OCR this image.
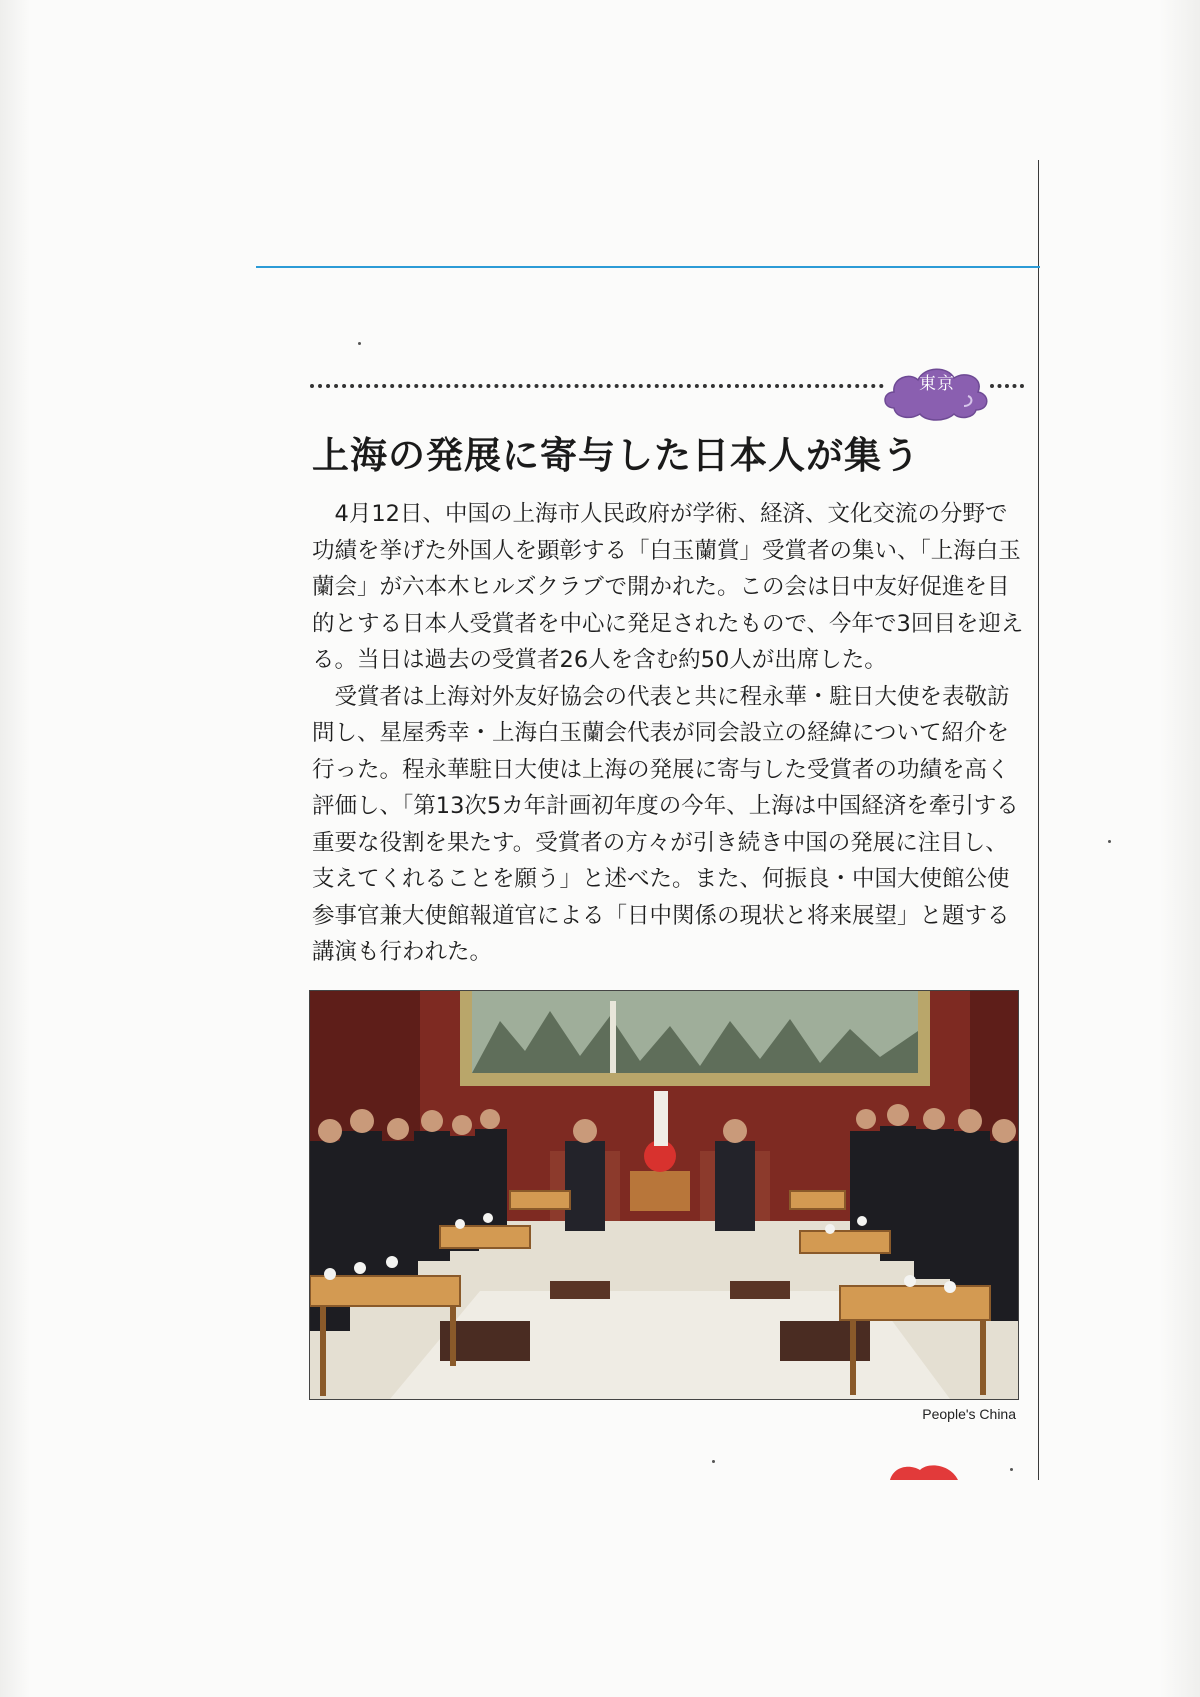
東京
上海の発展に寄与した日本人が集う

4月12日、中国の上海市人民政府が学術、経済、文化交流の分野で功績を挙げた外国人を顕彰する「白玉蘭賞」受賞者の集い、「上海白玉蘭会」が六本木ヒルズクラブで開かれた。この会は日中友好促進を目的とする日本人受賞者を中心に発足されたもので、今年で3回目を迎える。当日は過去の受賞者26人を含む約50人が出席した。

受賞者は上海対外友好協会の代表と共に程永華・駐日大使を表敬訪問し、星屋秀幸・上海白玉蘭会代表が同会設立の経緯について紹介を行った。程永華駐日大使は上海の発展に寄与した受賞者の功績を高く評価し、「第13次5カ年計画初年度の今年、上海は中国経済を牽引する重要な役割を果たす。受賞者の方々が引き続き中国の発展に注目し、支えてくれることを願う」と述べた。また、何振良・中国大使館公使参事官兼大使館報道官による「日中関係の現状と将来展望」と題する講演も行われた。

People's China
